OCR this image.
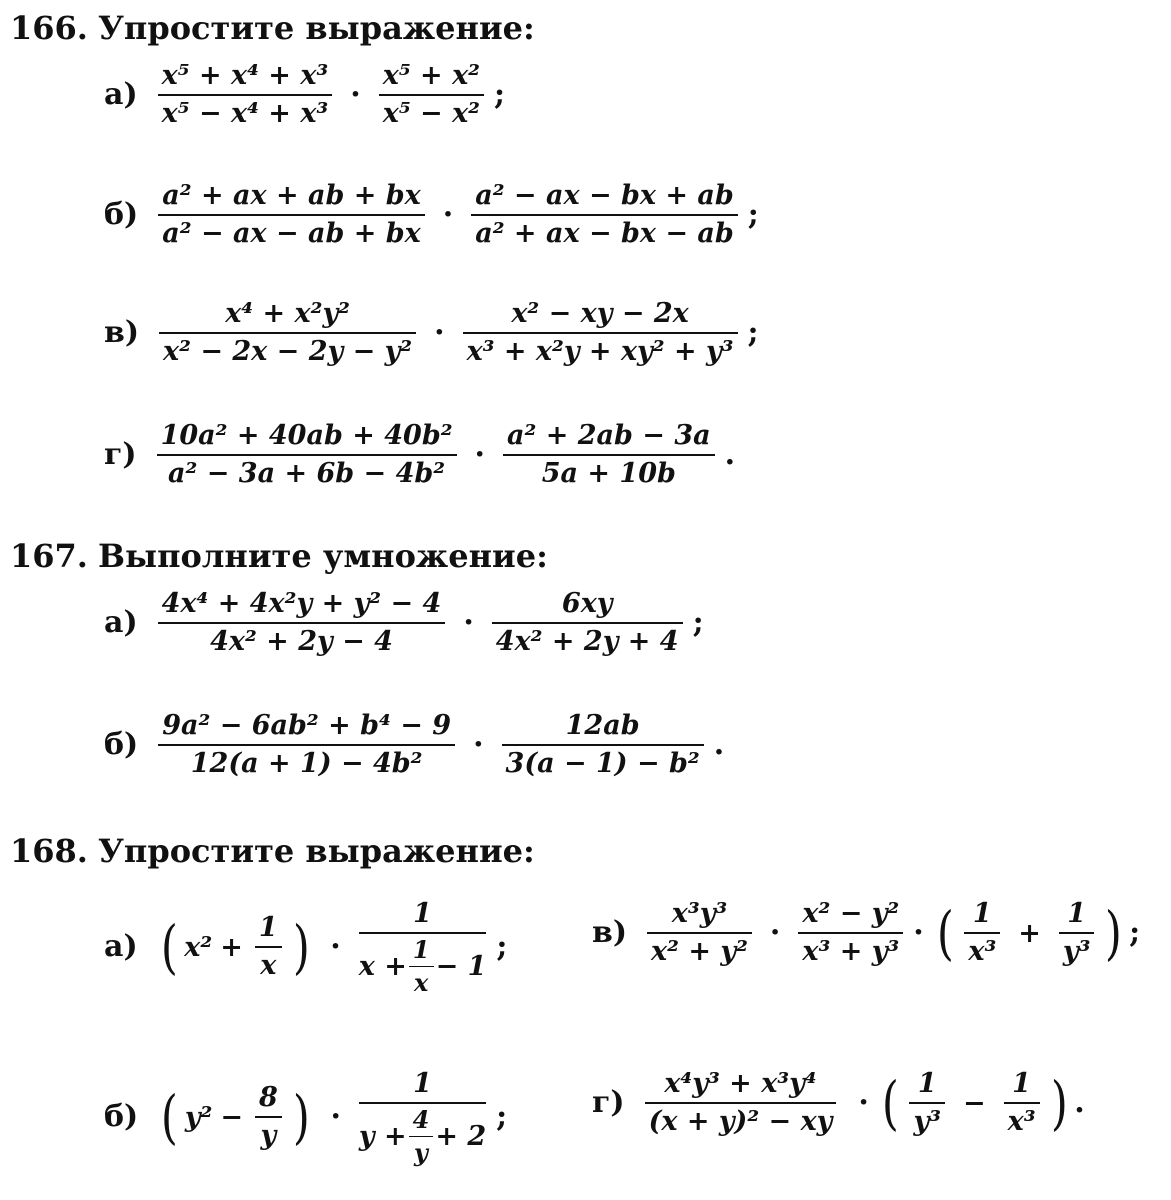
166. Упростите выражение:
$а) \frac{\text{x⁵ + x⁴ + x³}}{\text{x⁵ − x⁴ + x³}} \cdot \frac{\text{x⁵ + x²}}{\text{x⁵ − x²}}$ ;
$б) \frac{\text{a² + ax + ab + bx}}{\text{a² − ax − ab + bx}} \cdot \frac{\text{a² − ax − bx + ab}}{\text{a² + ax − bx − ab}}$ ;
$в) \frac{\text{x⁴ + x²y²}}{\text{x² − 2x − 2y − y²}} \cdot \frac{\text{x² − xy − 2x}}{\text{x³ + x²y + xy² + y³}}$ ;
$г) \frac{\text{10a² + 40ab + 40b²}}{\text{a² − 3a + 6b − 4b²}} \cdot \frac{\text{a² + 2ab − 3a}}{5a + 10b}$ .
167. Выполните умножение:
$а) \frac{\text{4x⁴ + 4x²y + y² − 4}}{\text{4x² + 2y − 4}} \cdot \frac{6xy}{\text{4x² + 2y + 4}}$ ;
$б) \frac{\text{9a² − 6ab² + b⁴ − 9}}{\text{12(a + 1) − 4b²}} \cdot \frac{12ab}{\text{3(a − 1) − b²}}$ .
168. Упростите выражение:
а) ( $x^2 + \frac{1}{x}$ ) · $\frac{1}{x + \frac{1}{x} - 1}$ ;
б) ( $y^2 - \frac{8}{y}$ ) · $\frac{1}{y + \frac{4}{y} + 2}$ ;
$в) \frac{\text{x³y³}}{\text{x² + y²}} \cdot \frac{\text{x² − y²}}{\text{x³ + y³}}$ · ( $\frac{1}{\text{x³}} + \frac{1}{\text{y³}}$ ) ;
$г) \frac{\text{x⁴y³ + x³y⁴}}{\text{(x + y)² − xy}}$ · ( $\frac{1}{\text{y³}} - \frac{1}{\text{x³}}$ ) .
